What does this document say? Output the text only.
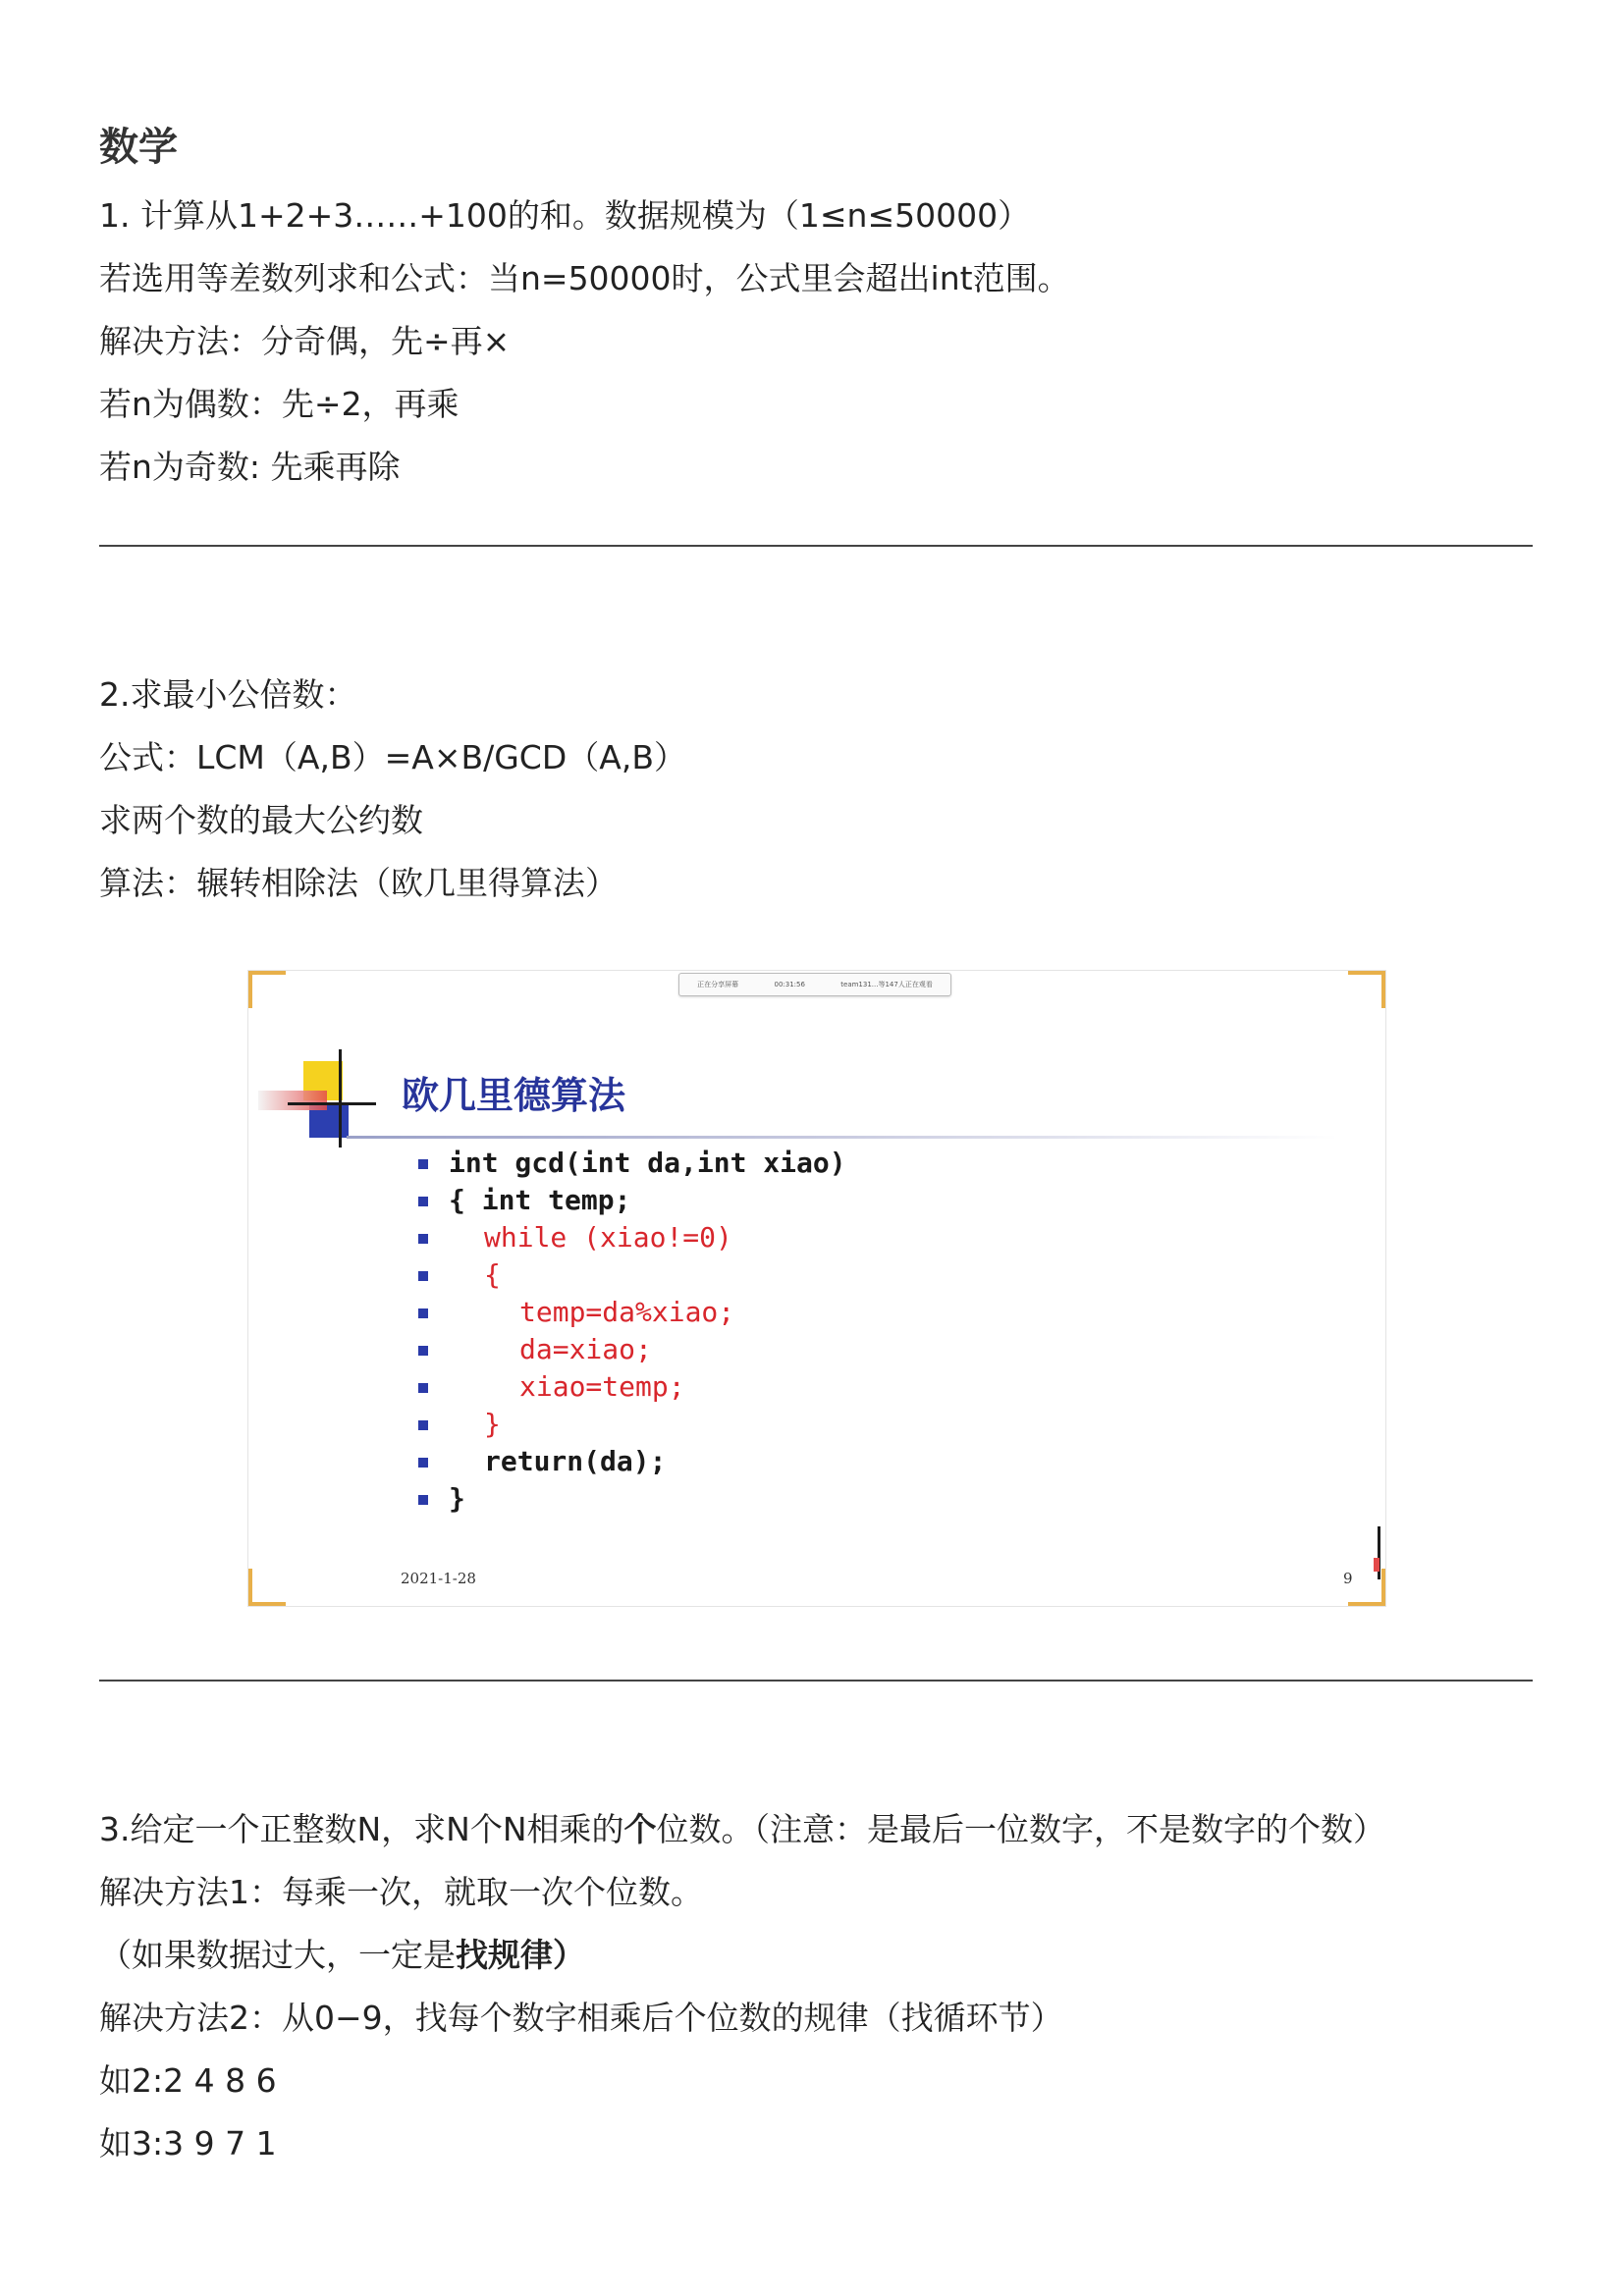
数学
1. 计算从1+2+3……+100的和。数据规模为（1≤n≤50000）
若选用等差数列求和公式：当n=50000时，公式里会超出int范围。
解决方法：分奇偶，先÷再×
若n为偶数：先÷2，再乘
若n为奇数: 先乘再除
2.求最小公倍数：
公式：LCM（A,B）=A×B/GCD（A,B）
求两个数的最大公约数
算法：辗转相除法（欧几里得算法）
正在分享屏幕	00:31:56	team131...等147人正在观看
欧几里德算法
int gcd(int da,int xiao)
{ int temp;
while (xiao!=0)
{
temp=da%xiao;
da=xiao;
xiao=temp;
}
return(da);
}
2021-1-28	9
3.给定一个正整数N，求N个N相乘的个位数。（注意：是最后一位数字，不是数字的个数）
解决方法1：每乘一次，就取一次个位数。
（如果数据过大，一定是找规律）
解决方法2：从0−9，找每个数字相乘后个位数的规律（找循环节）
如2:2 4 8 6
如3:3 9 7 1
